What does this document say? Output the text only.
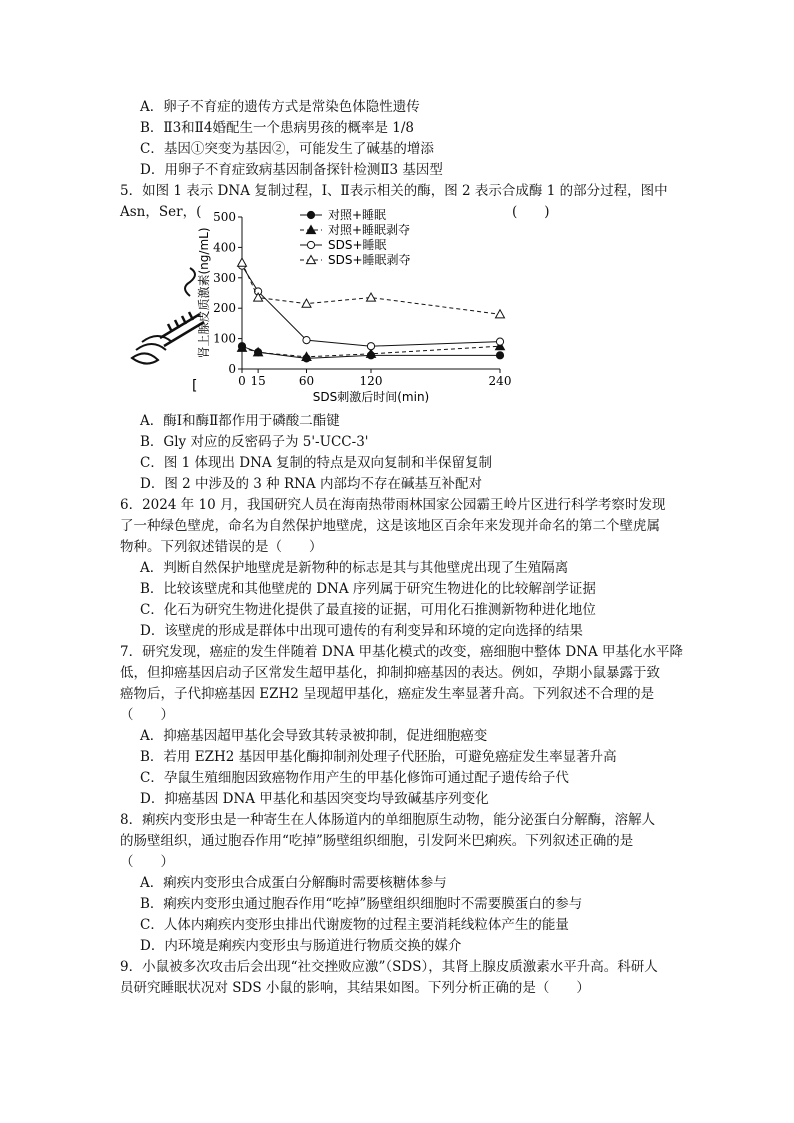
A．卵子不育症的遗传方式是常染色体隐性遗传
B．Ⅱ3和Ⅱ4婚配生一个患病男孩的概率是 1/8
C．基因①突变为基因②，可能发生了碱基的增添
D．用卵子不育症致病基因制备探针检测Ⅱ3 基因型
5．如图 1 表示 DNA 复制过程，Ⅰ、Ⅱ表示相关的酶，图 2 表示合成酶 1 的部分过程，图中
Asn，Ser，(	(　　)
[
0
100
200
300
400
500
0 15	60	120	240
SDS刺激后时间(min)
肾上腺皮质激素(ng/mL)
对照+睡眠
对照+睡眠剥夺
SDS+睡眠
SDS+睡眠剥夺
A．酶Ⅰ和酶Ⅱ都作用于磷酸二酯键
B．Gly 对应的反密码子为 5'-UCC-3'
C．图 1 体现出 DNA 复制的特点是双向复制和半保留复制
D．图 2 中涉及的 3 种 RNA 内部均不存在碱基互补配对
6．2024 年 10 月，我国研究人员在海南热带雨林国家公园霸王岭片区进行科学考察时发现
了一种绿色壁虎，命名为自然保护地壁虎，这是该地区百余年来发现并命名的第二个壁虎属
物种。下列叙述错误的是（　　）
A．判断自然保护地壁虎是新物种的标志是其与其他壁虎出现了生殖隔离
B．比较该壁虎和其他壁虎的 DNA 序列属于研究生物进化的比较解剖学证据
C．化石为研究生物进化提供了最直接的证据，可用化石推测新物种进化地位
D．该壁虎的形成是群体中出现可遗传的有利变异和环境的定向选择的结果
7．研究发现，癌症的发生伴随着 DNA 甲基化模式的改变，癌细胞中整体 DNA 甲基化水平降
低，但抑癌基因启动子区常发生超甲基化，抑制抑癌基因的表达。例如，孕期小鼠暴露于致
癌物后，子代抑癌基因 EZH2 呈现超甲基化，癌症发生率显著升高。下列叙述不合理的是
（　　）
A．抑癌基因超甲基化会导致其转录被抑制，促进细胞癌变
B．若用 EZH2 基因甲基化酶抑制剂处理子代胚胎，可避免癌症发生率显著升高
C．孕鼠生殖细胞因致癌物作用产生的甲基化修饰可通过配子遗传给子代
D．抑癌基因 DNA 甲基化和基因突变均导致碱基序列变化
8．痢疾内变形虫是一种寄生在人体肠道内的单细胞原生动物，能分泌蛋白分解酶，溶解人
的肠壁组织，通过胞吞作用“吃掉”肠壁组织细胞，引发阿米巴痢疾。下列叙述正确的是
（　　）
A．痢疾内变形虫合成蛋白分解酶时需要核糖体参与
B．痢疾内变形虫通过胞吞作用“吃掉”肠壁组织细胞时不需要膜蛋白的参与
C．人体内痢疾内变形虫排出代谢废物的过程主要消耗线粒体产生的能量
D．内环境是痢疾内变形虫与肠道进行物质交换的媒介
9．小鼠被多次攻击后会出现“社交挫败应激”（SDS），其肾上腺皮质激素水平升高。科研人
员研究睡眠状况对 SDS 小鼠的影响，其结果如图。下列分析正确的是（　　）
